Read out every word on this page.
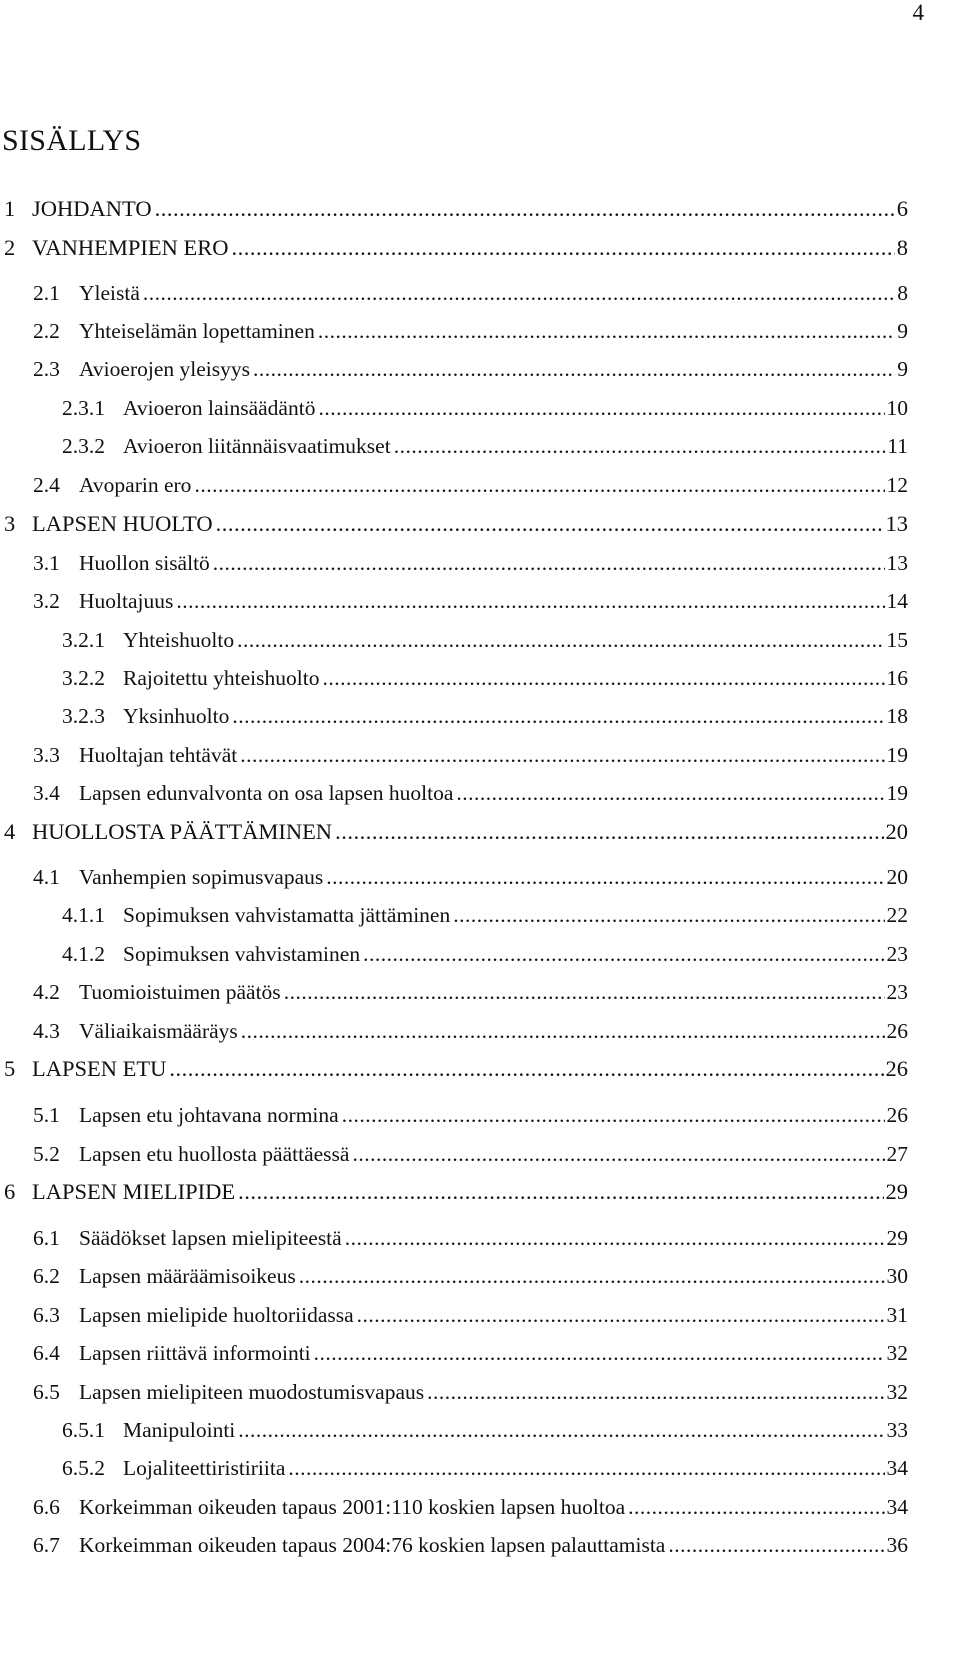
4
SISÄLLYS
1 JOHDANTO .....	6
2 VANHEMPIEN ERO .....	8
2.1 Yleistä .....	8
2.2 Yhteiselämän lopettaminen .....	9
2.3 Avioerojen yleisyys .....	9
2.3.1 Avioeron lainsäädäntö .....	10
2.3.2 Avioeron liitännäisvaatimukset .....	11
2.4 Avoparin ero .....	12
3 LAPSEN HUOLTO .....	13
3.1 Huollon sisältö .....	13
3.2 Huoltajuus .....	14
3.2.1 Yhteishuolto .....	15
3.2.2 Rajoitettu yhteishuolto .....	16
3.2.3 Yksinhuolto .....	18
3.3 Huoltajan tehtävät .....	19
3.4 Lapsen edunvalvonta on osa lapsen huoltoa .....	19
4 HUOLLOSTA PÄÄTTÄMINEN .....	20
4.1 Vanhempien sopimusvapaus .....	20
4.1.1 Sopimuksen vahvistamatta jättäminen .....	22
4.1.2 Sopimuksen vahvistaminen .....	23
4.2 Tuomioistuimen päätös .....	23
4.3 Väliaikaismääräys .....	26
5 LAPSEN ETU .....	26
5.1 Lapsen etu johtavana normina .....	26
5.2 Lapsen etu huollosta päättäessä .....	27
6 LAPSEN MIELIPIDE .....	29
6.1 Säädökset lapsen mielipiteestä .....	29
6.2 Lapsen määräämisoikeus .....	30
6.3 Lapsen mielipide huoltoriidassa .....	31
6.4 Lapsen riittävä informointi .....	32
6.5 Lapsen mielipiteen muodostumisvapaus .....	32
6.5.1 Manipulointi .....	33
6.5.2 Lojaliteettiristiriita .....	34
6.6 Korkeimman oikeuden tapaus 2001:110 koskien lapsen huoltoa .....	34
6.7 Korkeimman oikeuden tapaus 2004:76 koskien lapsen palauttamista .....	36
